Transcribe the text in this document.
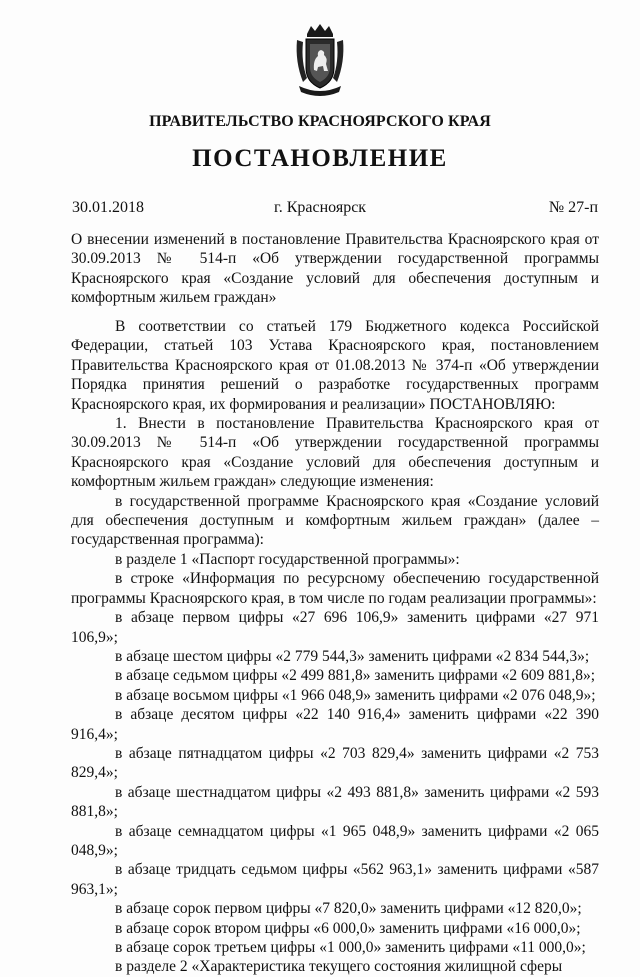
ПРАВИТЕЛЬСТВО КРАСНОЯРСКОГО КРАЯ
ПОСТАНОВЛЕНИЕ
30.01.2018	г. Красноярск	№ 27-п
О внесении изменений в постановление Правительства Красноярского края от 30.09.2013 № 514-п «Об утверждении государственной программы Красноярского края «Создание условий для обеспечения доступным и комфортным жильем граждан»

В соответствии со статьей 179 Бюджетного кодекса Российской Федерации, статьей 103 Устава Красноярского края, постановлением Правительства Красноярского края от 01.08.2013 № 374-п «Об утверждении Порядка принятия решений о разработке государственных программ Красноярского края, их формирования и реализации» ПОСТАНОВЛЯЮ:

1. Внести в постановление Правительства Красноярского края от 30.09.2013 № 514-п «Об утверждении государственной программы Красноярского края «Создание условий для обеспечения доступным и комфортным жильем граждан» следующие изменения:

в государственной программе Красноярского края «Создание условий для обеспечения доступным и комфортным жильем граждан» (далее – государственная программа):

в разделе 1 «Паспорт государственной программы»:

в строке «Информация по ресурсному обеспечению государственной программы Красноярского края, в том числе по годам реализации программы»:

в абзаце первом цифры «27 696 106,9» заменить цифрами «27 971 106,9»;

в абзаце шестом цифры «2 779 544,3» заменить цифрами «2 834 544,3»;

в абзаце седьмом цифры «2 499 881,8» заменить цифрами «2 609 881,8»;

в абзаце восьмом цифры «1 966 048,9» заменить цифрами «2 076 048,9»;

в абзаце десятом цифры «22 140 916,4» заменить цифрами «22 390 916,4»;

в абзаце пятнадцатом цифры «2 703 829,4» заменить цифрами «2 753 829,4»;

в абзаце шестнадцатом цифры «2 493 881,8» заменить цифрами «2 593 881,8»;

в абзаце семнадцатом цифры «1 965 048,9» заменить цифрами «2 065 048,9»;

в абзаце тридцать седьмом цифры «562 963,1» заменить цифрами «587 963,1»;

в абзаце сорок первом цифры «7 820,0» заменить цифрами «12 820,0»;

в абзаце сорок втором цифры «6 000,0» заменить цифрами «16 000,0»;

в абзаце сорок третьем цифры «1 000,0» заменить цифрами «11 000,0»;

в разделе 2 «Характеристика текущего состояния жилищной сферы
